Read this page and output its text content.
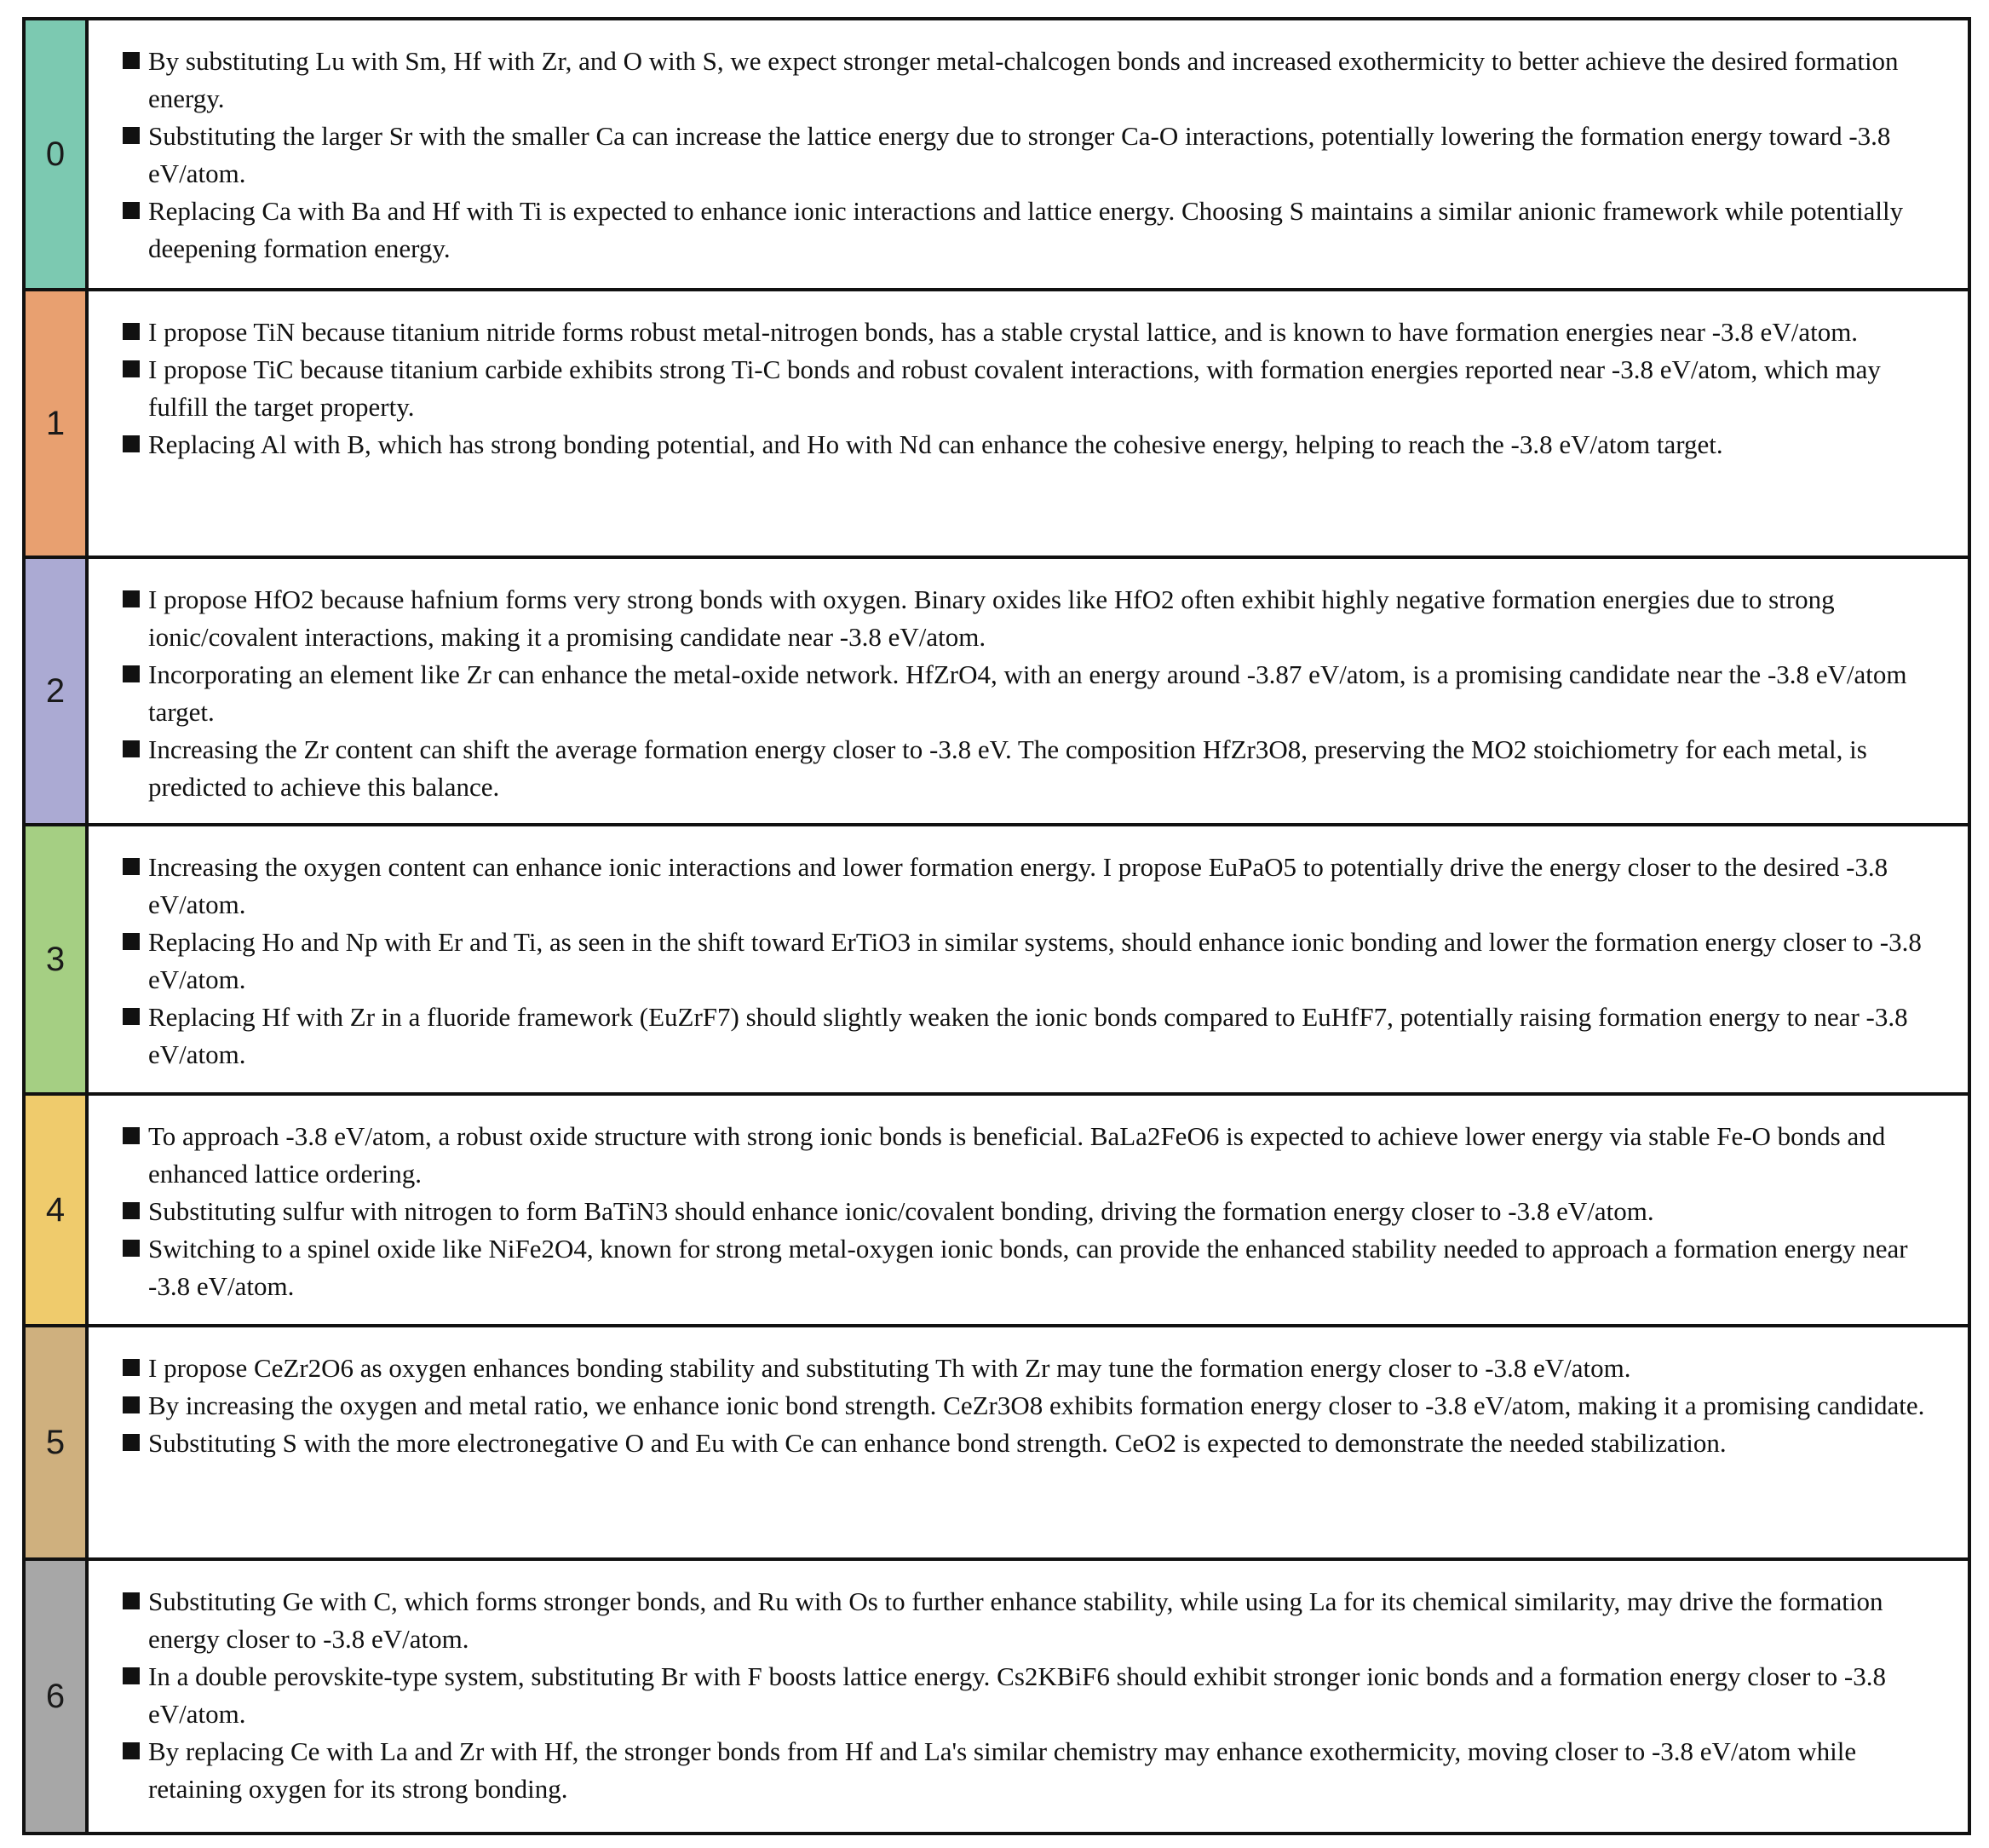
0
By substituting Lu with Sm, Hf with Zr, and O with S, we expect stronger metal-chalcogen bonds and increased exothermicity to better achieve the desired formation energy.
Substituting the larger Sr with the smaller Ca can increase the lattice energy due to stronger Ca-O interactions, potentially lowering the formation energy toward -3.8 eV/atom.
Replacing Ca with Ba and Hf with Ti is expected to enhance ionic interactions and lattice energy. Choosing S maintains a similar anionic framework while potentially deepening formation energy.
1
I propose TiN because titanium nitride forms robust metal-nitrogen bonds, has a stable crystal lattice, and is known to have formation energies near -3.8 eV/atom.
I propose TiC because titanium carbide exhibits strong Ti-C bonds and robust covalent interactions, with formation energies reported near -3.8 eV/atom, which may fulfill the target property.
Replacing Al with B, which has strong bonding potential, and Ho with Nd can enhance the cohesive energy, helping to reach the -3.8 eV/atom target.
2
I propose HfO2 because hafnium forms very strong bonds with oxygen. Binary oxides like HfO2 often exhibit highly negative formation energies due to strong ionic/covalent interactions, making it a promising candidate near -3.8 eV/atom.
Incorporating an element like Zr can enhance the metal-oxide network. HfZrO4, with an energy around -3.87 eV/atom, is a promising candidate near the -3.8 eV/atom target.
Increasing the Zr content can shift the average formation energy closer to -3.8 eV. The composition HfZr3O8, preserving the MO2 stoichiometry for each metal, is predicted to achieve this balance.
3
Increasing the oxygen content can enhance ionic interactions and lower formation energy. I propose EuPaO5 to potentially drive the energy closer to the desired -3.8 eV/atom.
Replacing Ho and Np with Er and Ti, as seen in the shift toward ErTiO3 in similar systems, should enhance ionic bonding and lower the formation energy closer to -3.8 eV/atom.
Replacing Hf with Zr in a fluoride framework (EuZrF7) should slightly weaken the ionic bonds compared to EuHfF7, potentially raising formation energy to near -3.8 eV/atom.
4
To approach -3.8 eV/atom, a robust oxide structure with strong ionic bonds is beneficial. BaLa2FeO6 is expected to achieve lower energy via stable Fe-O bonds and enhanced lattice ordering.
Substituting sulfur with nitrogen to form BaTiN3 should enhance ionic/covalent bonding, driving the formation energy closer to -3.8 eV/atom.
Switching to a spinel oxide like NiFe2O4, known for strong metal-oxygen ionic bonds, can provide the enhanced stability needed to approach a formation energy near -3.8 eV/atom.
5
I propose CeZr2O6 as oxygen enhances bonding stability and substituting Th with Zr may tune the formation energy closer to -3.8 eV/atom.
By increasing the oxygen and metal ratio, we enhance ionic bond strength. CeZr3O8 exhibits formation energy closer to -3.8 eV/atom, making it a promising candidate.
Substituting S with the more electronegative O and Eu with Ce can enhance bond strength. CeO2 is expected to demonstrate the needed stabilization.
6
Substituting Ge with C, which forms stronger bonds, and Ru with Os to further enhance stability, while using La for its chemical similarity, may drive the formation energy closer to -3.8 eV/atom.
In a double perovskite-type system, substituting Br with F boosts lattice energy. Cs2KBiF6 should exhibit stronger ionic bonds and a formation energy closer to -3.8 eV/atom.
By replacing Ce with La and Zr with Hf, the stronger bonds from Hf and La's similar chemistry may enhance exothermicity, moving closer to -3.8 eV/atom while retaining oxygen for its strong bonding.
